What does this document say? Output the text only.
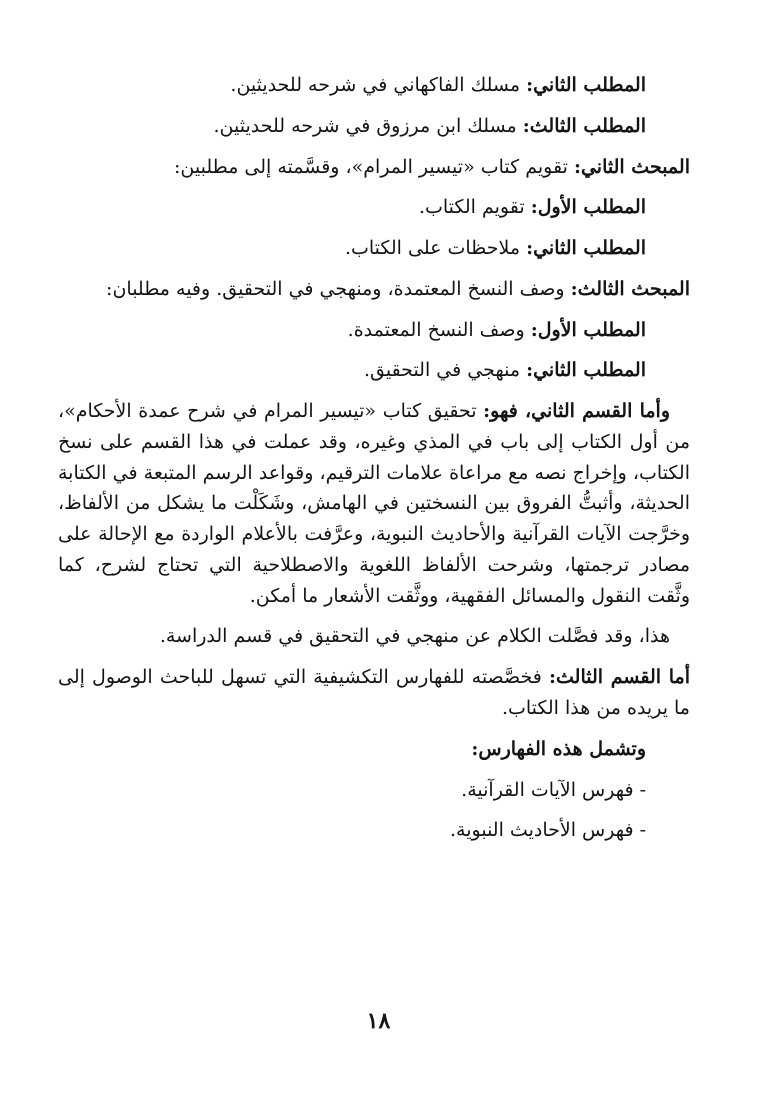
المطلب الثاني: مسلك الفاكهاني في شرحه للحديثين.
المطلب الثالث: مسلك ابن مرزوق في شرحه للحديثين.
المبحث الثاني: تقويم كتاب «تيسير المرام»، وقسَّمته إلى مطلبين:
المطلب الأول: تقويم الكتاب.
المطلب الثاني: ملاحظات على الكتاب.
المبحث الثالث: وصف النسخ المعتمدة، ومنهجي في التحقيق. وفيه مطلبان:
المطلب الأول: وصف النسخ المعتمدة.
المطلب الثاني: منهجي في التحقيق.
وأما القسم الثاني، فهو: تحقيق كتاب «تيسير المرام في شرح عمدة الأحكام»، من أول الكتاب إلى باب في المذي وغيره، وقد عملت في هذا القسم على نسخ الكتاب، وإخراج نصه مع مراعاة علامات الترقيم، وقواعد الرسم المتبعة في الكتابة الحديثة، وأثبتُّ الفروق بين النسختين في الهامش، وشَكَلْت ما يشكل من الألفاظ، وخرَّجت الآيات القرآنية والأحاديث النبوية، وعرَّفت بالأعلام الواردة مع الإحالة على مصادر ترجمتها، وشرحت الألفاظ اللغوية والاصطلاحية التي تحتاج لشرح، كما وثَّقت النقول والمسائل الفقهية، ووثَّقت الأشعار ما أمكن.
هذا، وقد فصَّلت الكلام عن منهجي في التحقيق في قسم الدراسة.
أما القسم الثالث: فخصَّصته للفهارس التكشيفية التي تسهل للباحث الوصول إلى ما يريده من هذا الكتاب.
وتشمل هذه الفهارس:
- فهرس الآيات القرآنية.
- فهرس الأحاديث النبوية.
١٨
